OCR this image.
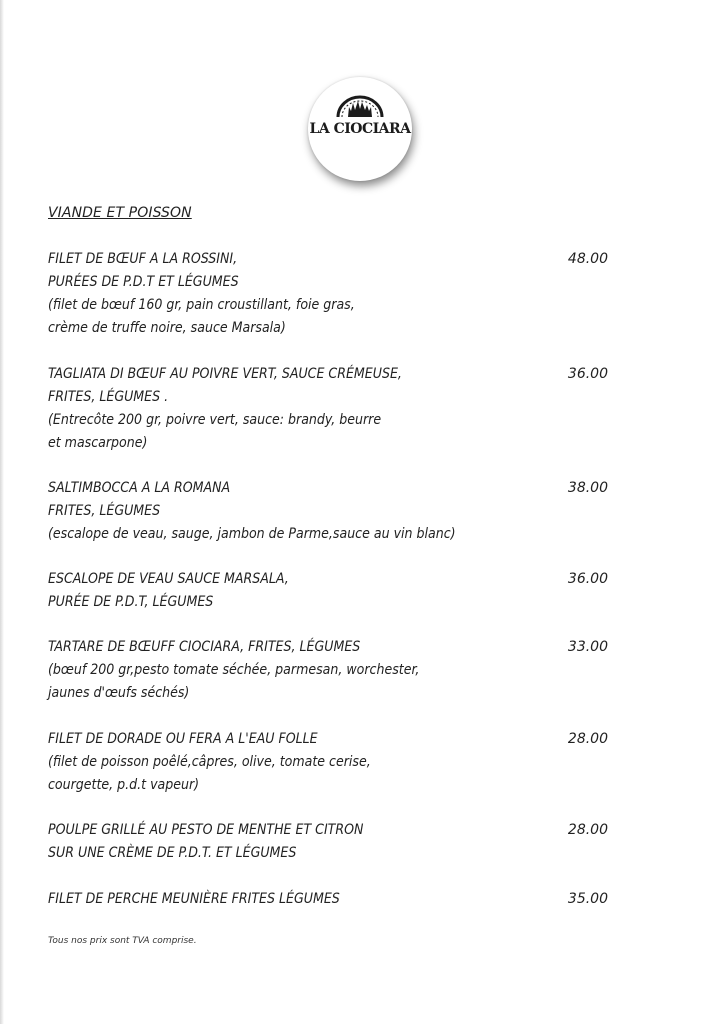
LA CIOCIARA
VIANDE ET POISSON
FILET DE BŒUF A LA ROSSINI,
PURÉES DE P.D.T ET LÉGUMES
(filet de bœuf 160 gr, pain croustillant, foie gras,
crème de truffe noire, sauce Marsala)
48.00
TAGLIATA DI BŒUF AU POIVRE VERT, SAUCE CRÉMEUSE,
FRITES, LÉGUMES .
(Entrecôte 200 gr, poivre vert, sauce: brandy, beurre
et mascarpone)
36.00
SALTIMBOCCA A LA ROMANA
FRITES, LÉGUMES
(escalope de veau, sauge, jambon de Parme,sauce au vin blanc)
38.00
ESCALOPE DE VEAU SAUCE MARSALA,
PURÉE DE P.D.T, LÉGUMES
36.00
TARTARE DE BŒUFF CIOCIARA, FRITES, LÉGUMES
(bœuf 200 gr,pesto tomate séchée, parmesan, worchester,
jaunes d'œufs séchés)
33.00
FILET DE DORADE OU FERA A L'EAU FOLLE
(filet de poisson poêlé,câpres, olive, tomate cerise,
courgette, p.d.t vapeur)
28.00
POULPE GRILLÉ AU PESTO DE MENTHE ET CITRON
SUR UNE CRÈME DE P.D.T. ET LÉGUMES
28.00
FILET DE PERCHE MEUNIÈRE FRITES LÉGUMES	35.00
Tous nos prix sont TVA comprise.
